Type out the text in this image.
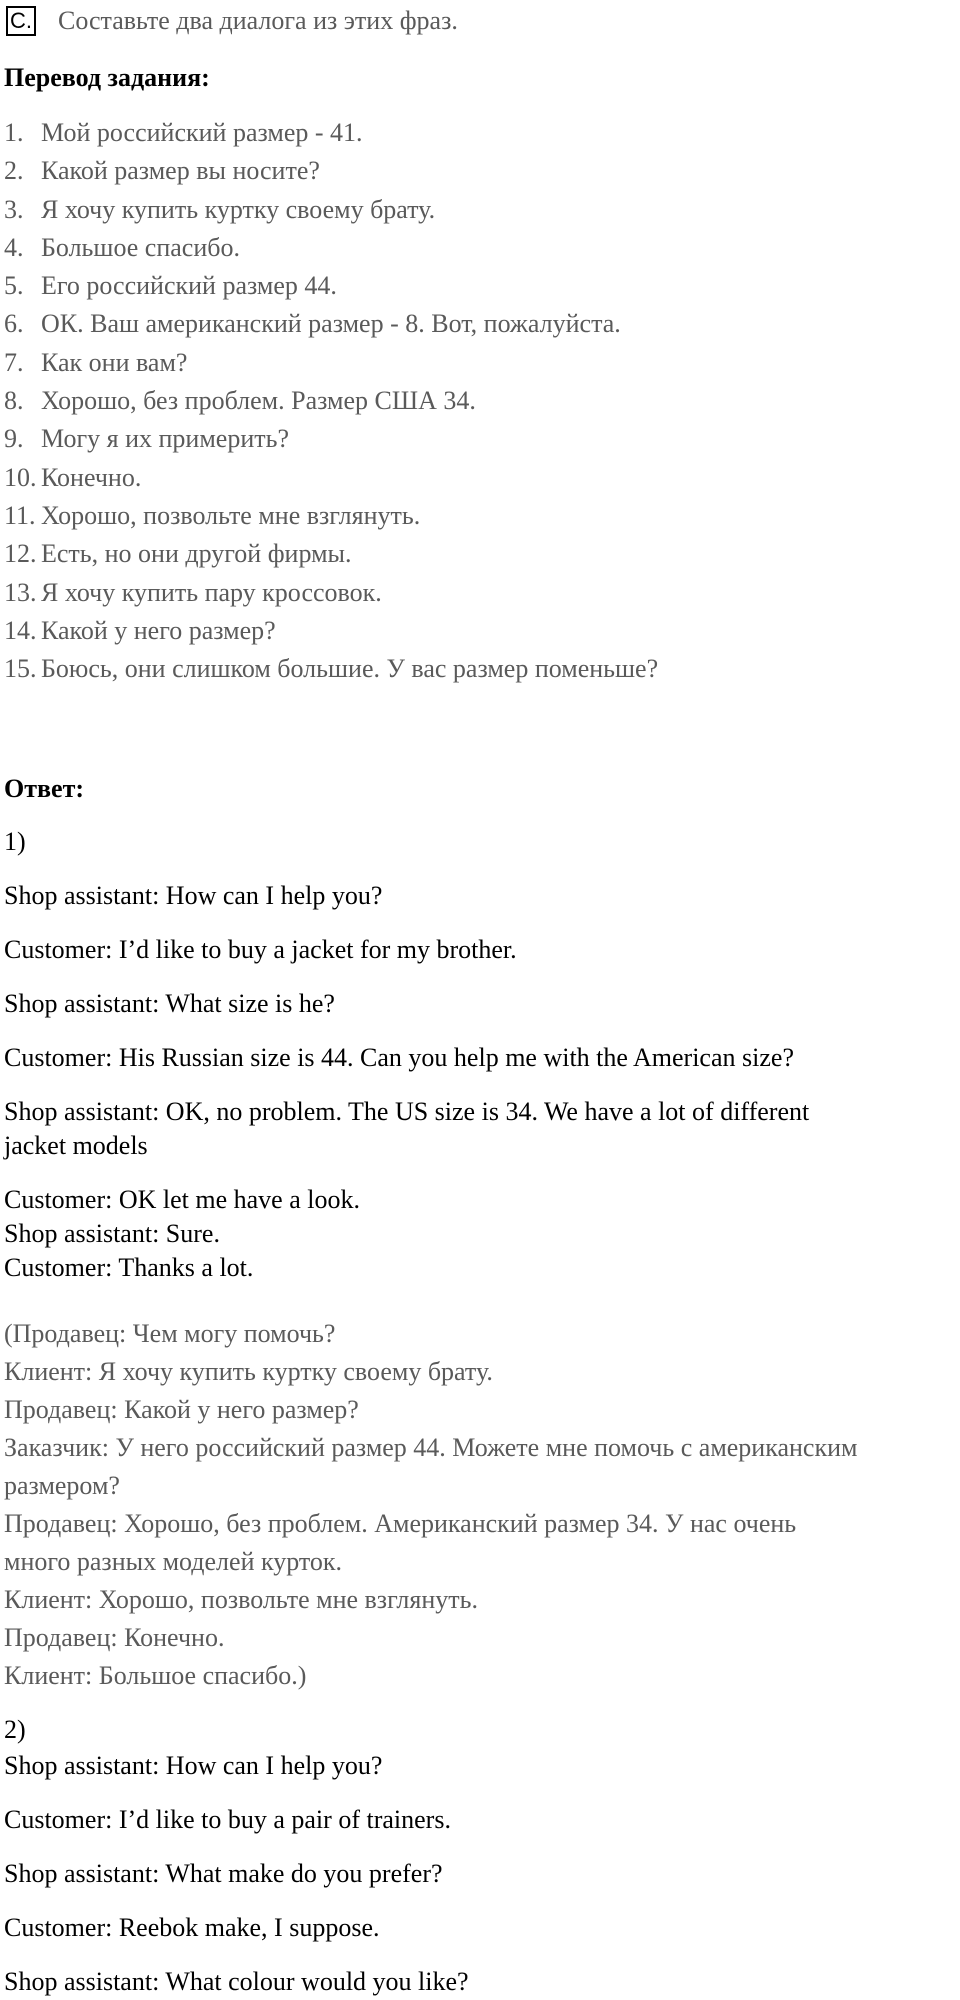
C. Составьте два диалога из этих фраз.
Перевод задания:
1. Мой российский размер - 41.
2. Какой размер вы носите?
3. Я хочу купить куртку своему брату.
4. Большое спасибо.
5. Его российский размер 44.
6. ОК. Ваш американский размер - 8. Вот, пожалуйста.
7. Как они вам?
8. Хорошо, без проблем. Размер США 34.
9. Могу я их примерить?
10. Конечно.
11. Хорошо, позвольте мне взглянуть.
12. Есть, но они другой фирмы.
13. Я хочу купить пару кроссовок.
14. Какой у него размер?
15. Боюсь, они слишком большие. У вас размер поменьше?
Ответ:
1)
Shop assistant: How can I help you?
Customer: I’d like to buy a jacket for my brother.
Shop assistant: What size is he?
Customer: His Russian size is 44. Can you help me with the American size?
Shop assistant: OK, no problem. The US size is 34. We have a lot of different
jacket models
Customer: OK let me have a look.
Shop assistant: Sure.
Customer: Thanks a lot.
(Продавец: Чем могу помочь?
Клиент: Я хочу купить куртку своему брату.
Продавец: Какой у него размер?
Заказчик: У него российский размер 44. Можете мне помочь с американским
размером?
Продавец: Хорошо, без проблем. Американский размер 34. У нас очень
много разных моделей курток.
Клиент: Хорошо, позвольте мне взглянуть.
Продавец: Конечно.
Клиент: Большое спасибо.)
2)
Shop assistant: How can I help you?
Customer: I’d like to buy a pair of trainers.
Shop assistant: What make do you prefer?
Customer: Reebok make, I suppose.
Shop assistant: What colour would you like?
